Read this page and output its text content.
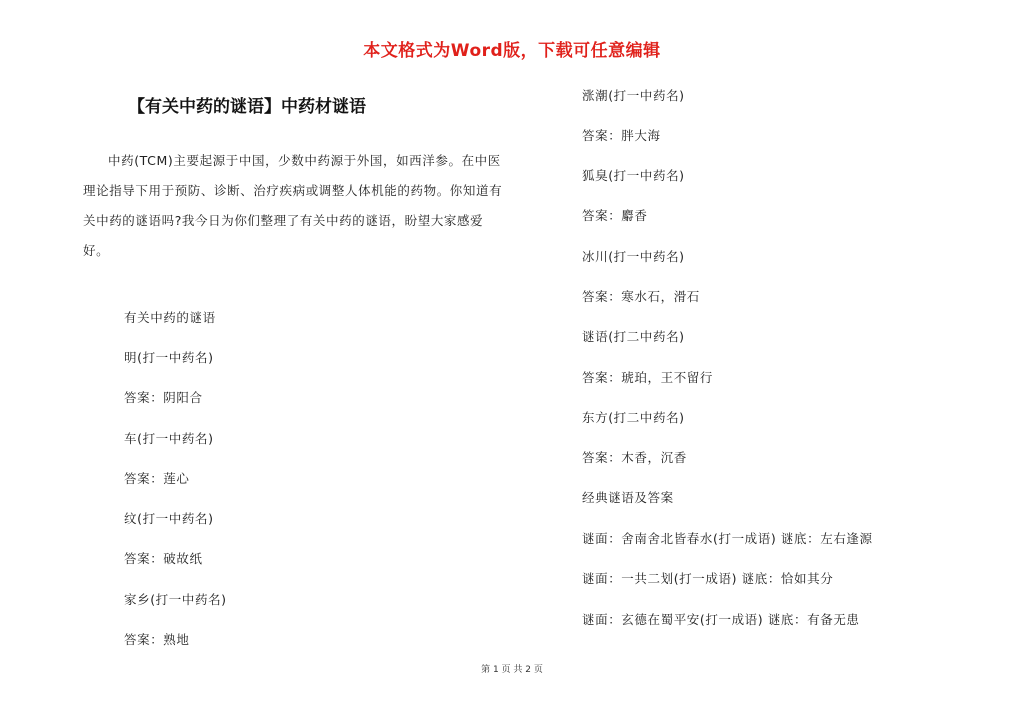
本文格式为Word版，下载可任意编辑
【有关中药的谜语】中药材谜语
中药(TCM)主要起源于中国，少数中药源于外国，如西洋参。在中医理论指导下用于预防、诊断、治疗疾病或调整人体机能的药物。你知道有关中药的谜语吗?我今日为你们整理了有关中药的谜语，盼望大家感爱好。
有关中药的谜语
明(打一中药名)
答案：阴阳合
车(打一中药名)
答案：莲心
纹(打一中药名)
答案：破故纸
家乡(打一中药名)
答案：熟地
涨潮(打一中药名)
答案：胖大海
狐臭(打一中药名)
答案：麝香
冰川(打一中药名)
答案：寒水石，滑石
谜语(打二中药名)
答案：琥珀，王不留行
东方(打二中药名)
答案：木香，沉香
经典谜语及答案
谜面：舍南舍北皆春水(打一成语) 谜底：左右逢源
谜面：一共二划(打一成语) 谜底：恰如其分
谜面：玄德在蜀平安(打一成语) 谜底：有备无患
第 1 页 共 2 页
